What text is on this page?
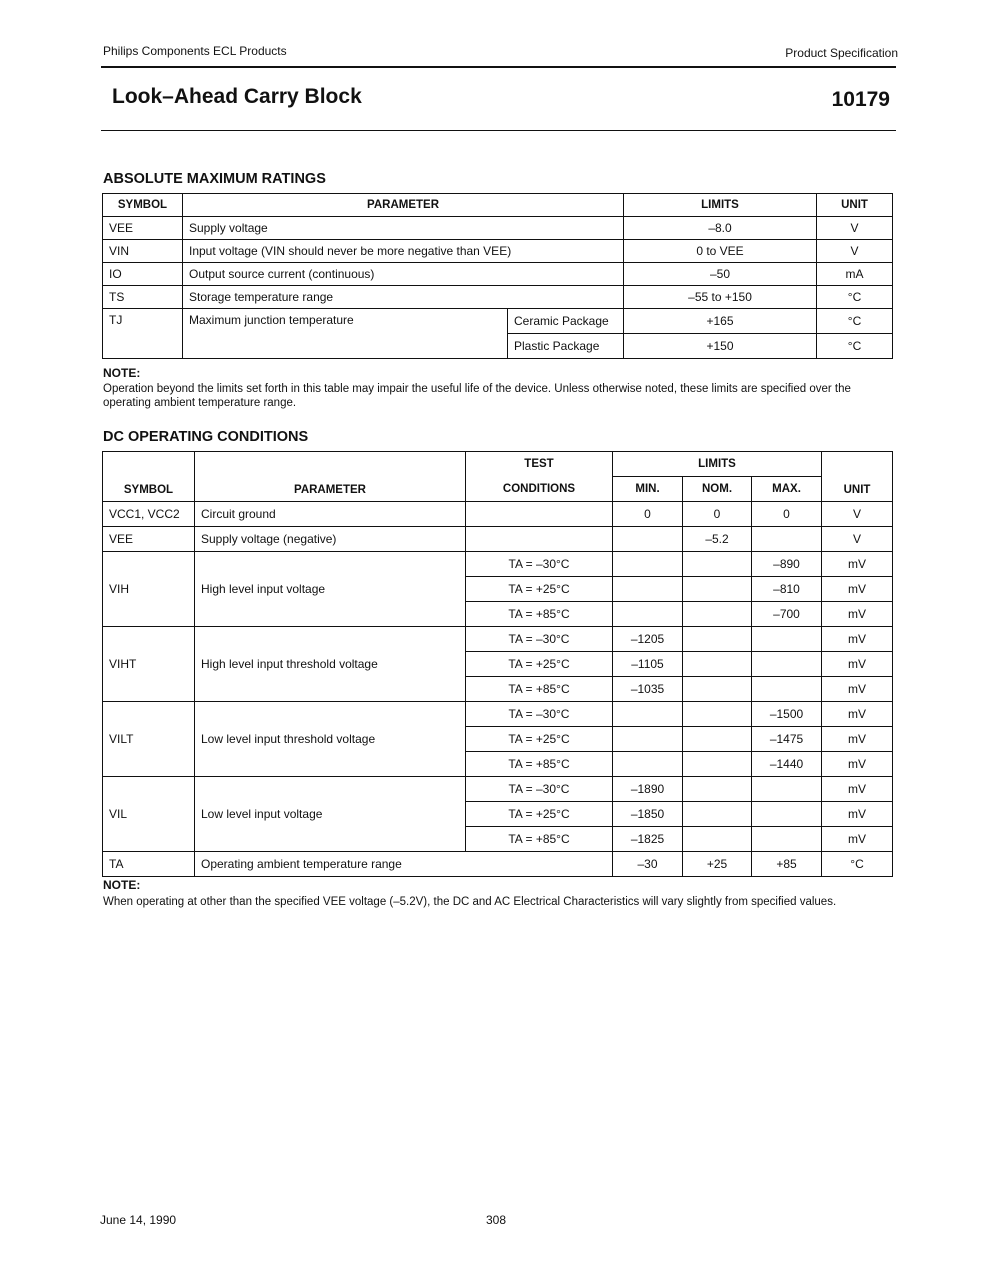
Philips Components ECL Products	Product Specification
Look–Ahead Carry Block	10179
ABSOLUTE MAXIMUM RATINGS
SYMBOL	PARAMETER		LIMITS	UNIT
VEE	Supply voltage		–8.0	V
VIN	Input voltage (VIN should never be more negative than VEE)		0 to VEE	V
IO	Output source current (continuous)		–50	mA
TS	Storage temperature range		–55 to +150	°C
TJ	Maximum junction temperature	Ceramic Package	+165	°C
		Plastic Package	+150	°C
NOTE:
Operation beyond the limits set forth in this table may impair the useful life of the device. Unless otherwise noted, these limits are specified over the operating ambient temperature range.
DC OPERATING CONDITIONS
SYMBOL	PARAMETER	TEST	LIMITS			UNIT
		CONDITIONS	MIN.	NOM.	MAX.	
VCC1, VCC2	Circuit ground		0	0	0	V
VEE	Supply voltage (negative)			–5.2		V
VIH	High level input voltage	TA = –30°C			–890	mV
		TA = +25°C			–810	mV
		TA = +85°C			–700	mV
VIHT	High level input threshold voltage	TA = –30°C	–1205			mV
		TA = +25°C	–1105			mV
		TA = +85°C	–1035			mV
VILT	Low level input threshold voltage	TA = –30°C			–1500	mV
		TA = +25°C			–1475	mV
		TA = +85°C			–1440	mV
VIL	Low level input voltage	TA = –30°C	–1890			mV
		TA = +25°C	–1850			mV
		TA = +85°C	–1825			mV
TA	Operating ambient temperature range		–30	+25	+85	°C
NOTE:
When operating at other than the specified VEE voltage (–5.2V), the DC and AC Electrical Characteristics will vary slightly from specified values.
June 14, 1990	308
